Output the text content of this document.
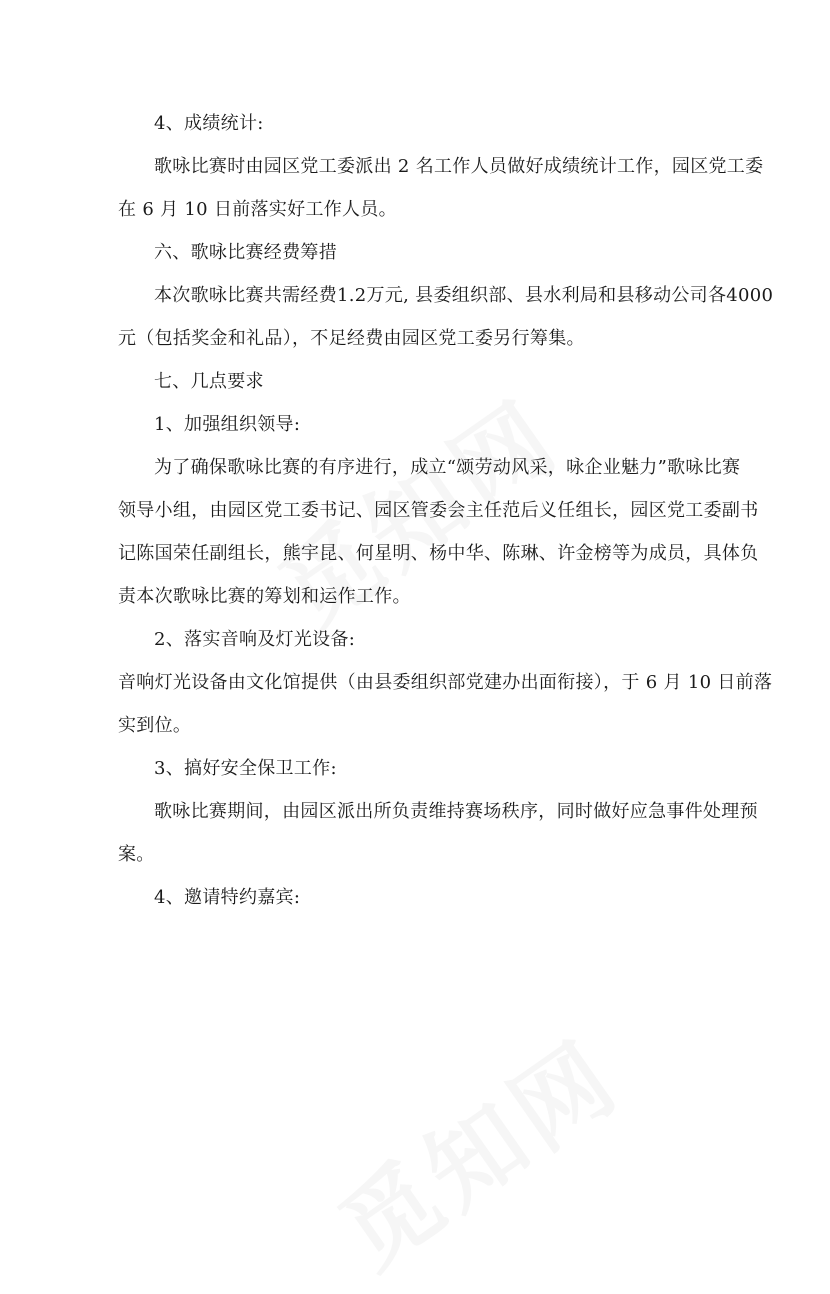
4、成绩统计:
歌咏比赛时由园区党工委派出 2 名工作人员做好成绩统计工作，园区党工委
在 6 月 10 日前落实好工作人员。
六、歌咏比赛经费筹措
本次歌咏比赛共需经费1.2万元, 县委组织部、县水利局和县移动公司各4000
元（包括奖金和礼品），不足经费由园区党工委另行筹集。
七、几点要求
1、加强组织领导:
为了确保歌咏比赛的有序进行，成立“颂劳动风采，咏企业魅力”歌咏比赛
领导小组，由园区党工委书记、园区管委会主任范后义任组长，园区党工委副书
记陈国荣任副组长，熊宇昆、何星明、杨中华、陈琳、许金榜等为成员，具体负
责本次歌咏比赛的筹划和运作工作。
2、落实音响及灯光设备:
音响灯光设备由文化馆提供（由县委组织部党建办出面衔接），于 6 月 10 日前落
实到位。
3、搞好安全保卫工作:
歌咏比赛期间，由园区派出所负责维持赛场秩序，同时做好应急事件处理预
案。
4、邀请特约嘉宾:
